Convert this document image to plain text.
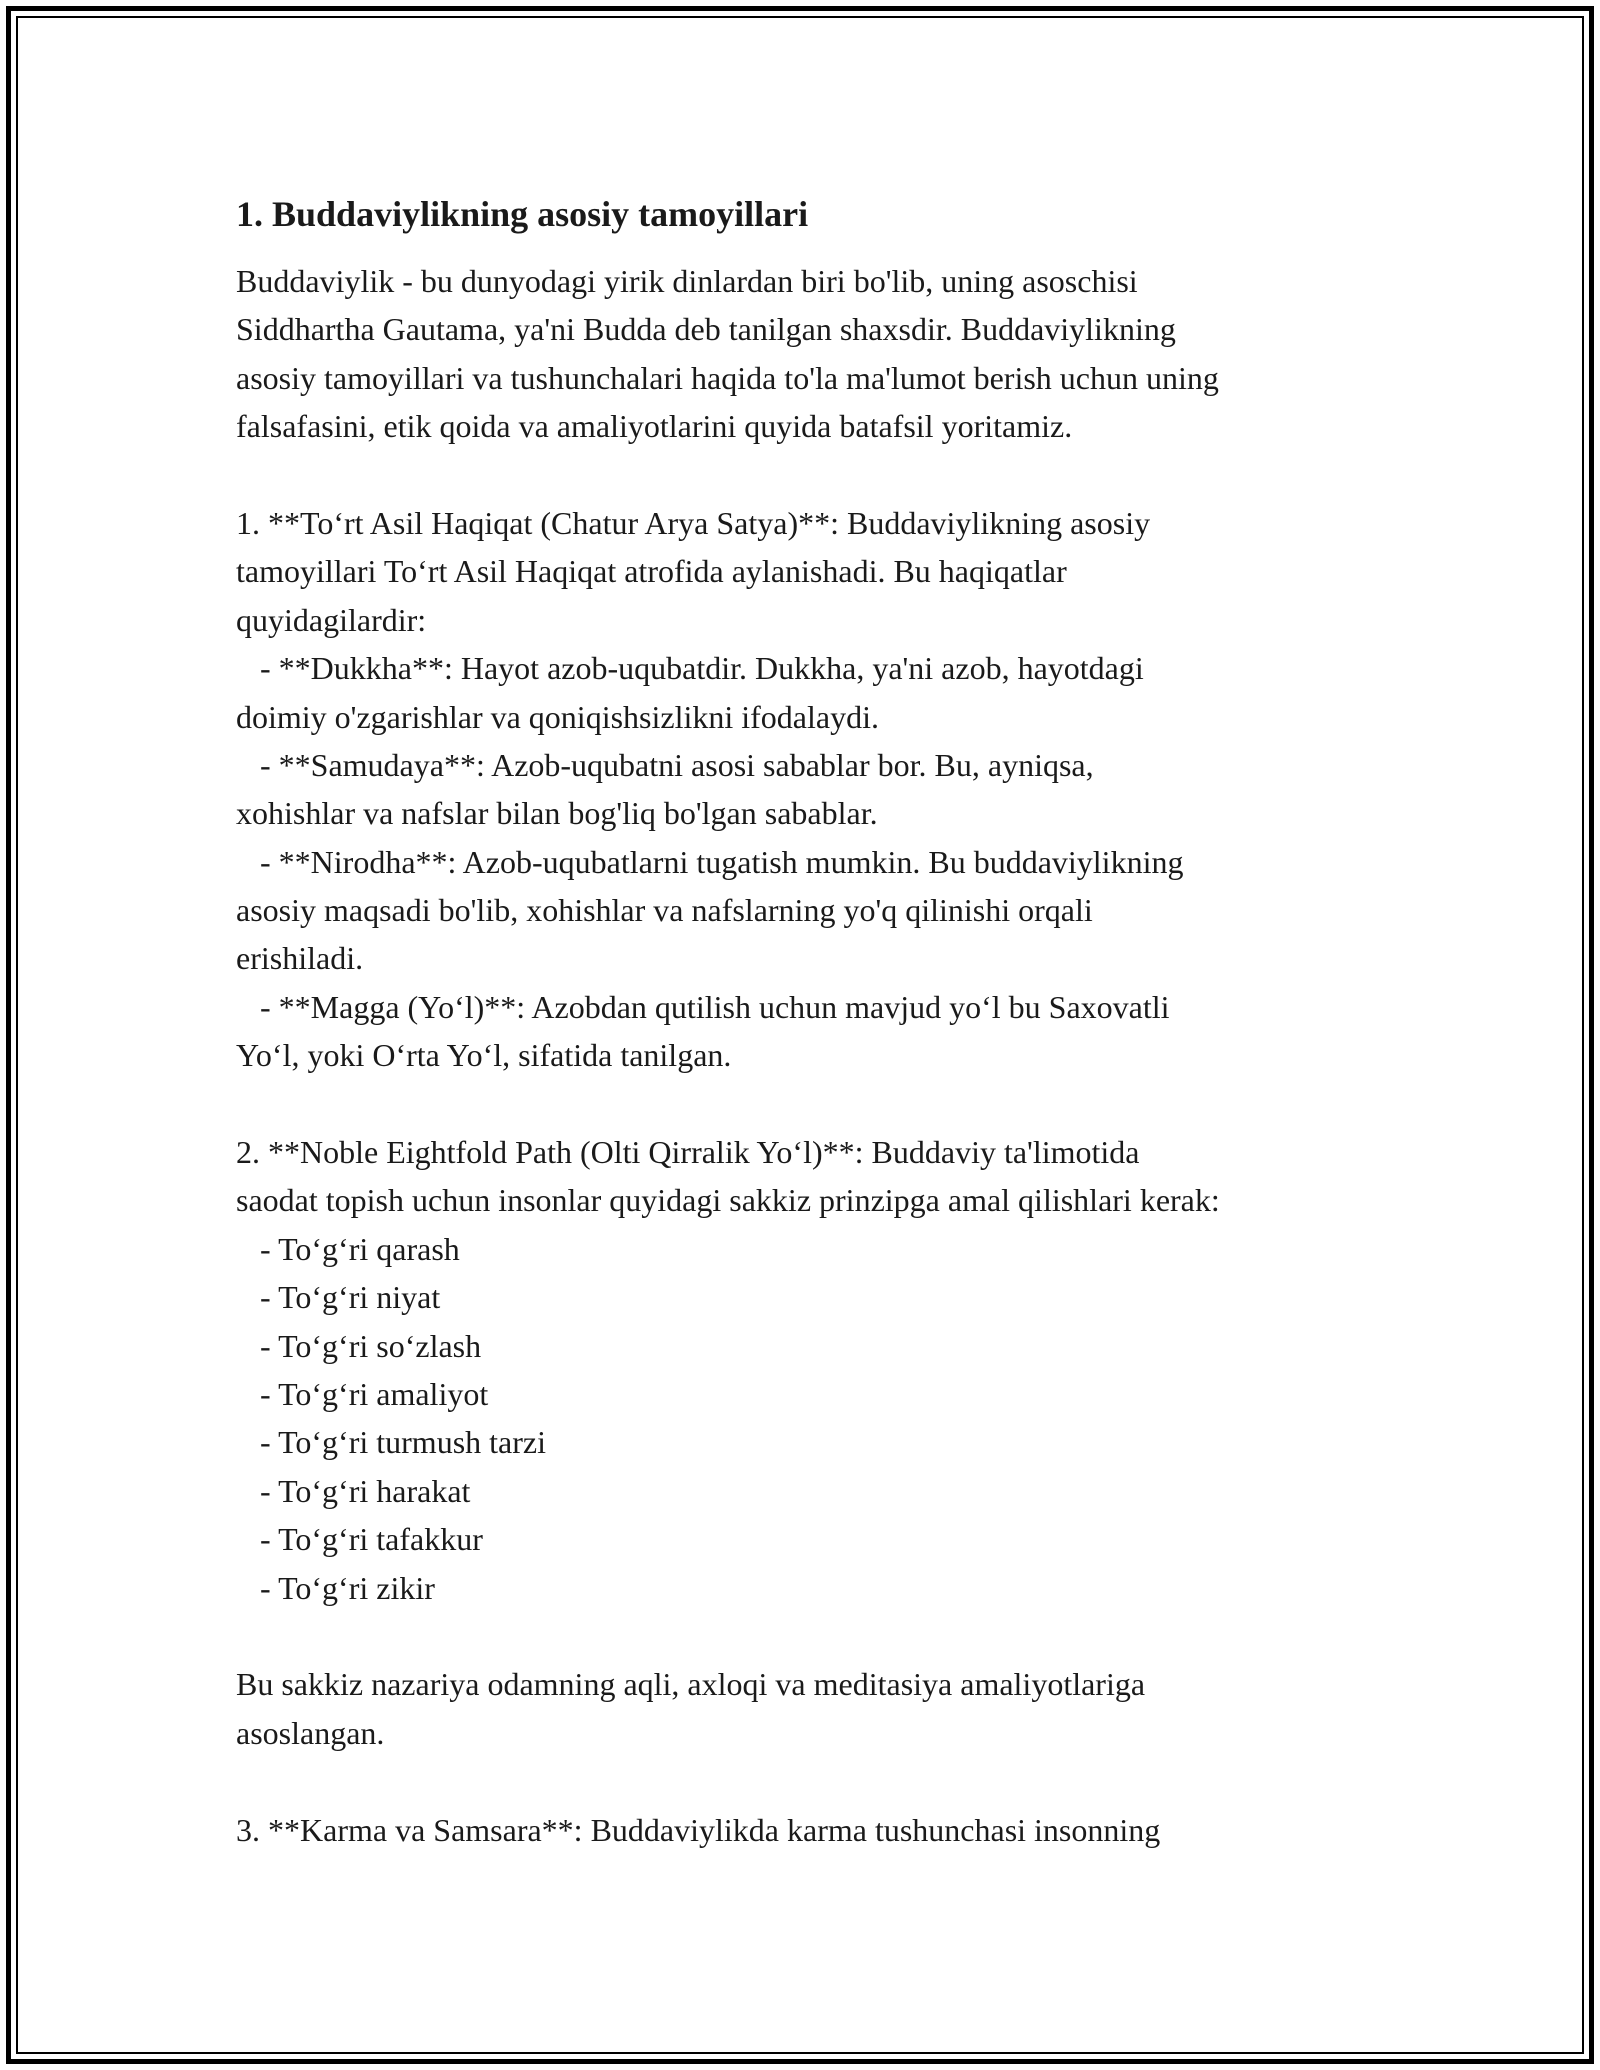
1. Buddaviylikning asosiy tamoyillari
Buddaviylik - bu dunyodagi yirik dinlardan biri bo'lib, uning asoschisi
Siddhartha Gautama, ya'ni Budda deb tanilgan shaxsdir. Buddaviylikning
asosiy tamoyillari va tushunchalari haqida to'la ma'lumot berish uchun uning
falsafasini, etik qoida va amaliyotlarini quyida batafsil yoritamiz.
1. **Toʻrt Asil Haqiqat (Chatur Arya Satya)**: Buddaviylikning asosiy
tamoyillari Toʻrt Asil Haqiqat atrofida aylanishadi. Bu haqiqatlar
quyidagilardir:
- **Dukkha**: Hayot azob-uqubatdir. Dukkha, ya'ni azob, hayotdagi
doimiy o'zgarishlar va qoniqishsizlikni ifodalaydi.
- **Samudaya**: Azob-uqubatni asosi sabablar bor. Bu, ayniqsa,
xohishlar va nafslar bilan bog'liq bo'lgan sabablar.
- **Nirodha**: Azob-uqubatlarni tugatish mumkin. Bu buddaviylikning
asosiy maqsadi bo'lib, xohishlar va nafslarning yo'q qilinishi orqali
erishiladi.
- **Magga (Yoʻl)**: Azobdan qutilish uchun mavjud yoʻl bu Saxovatli
Yoʻl, yoki Oʻrta Yoʻl, sifatida tanilgan.
2. **Noble Eightfold Path (Olti Qirralik Yoʻl)**: Buddaviy ta'limotida
saodat topish uchun insonlar quyidagi sakkiz prinzipga amal qilishlari kerak:
- Toʻgʻri qarash
- Toʻgʻri niyat
- Toʻgʻri soʻzlash
- Toʻgʻri amaliyot
- Toʻgʻri turmush tarzi
- Toʻgʻri harakat
- Toʻgʻri tafakkur
- Toʻgʻri zikir
Bu sakkiz nazariya odamning aqli, axloqi va meditasiya amaliyotlariga
asoslangan.
3. **Karma va Samsara**: Buddaviylikda karma tushunchasi insonning
